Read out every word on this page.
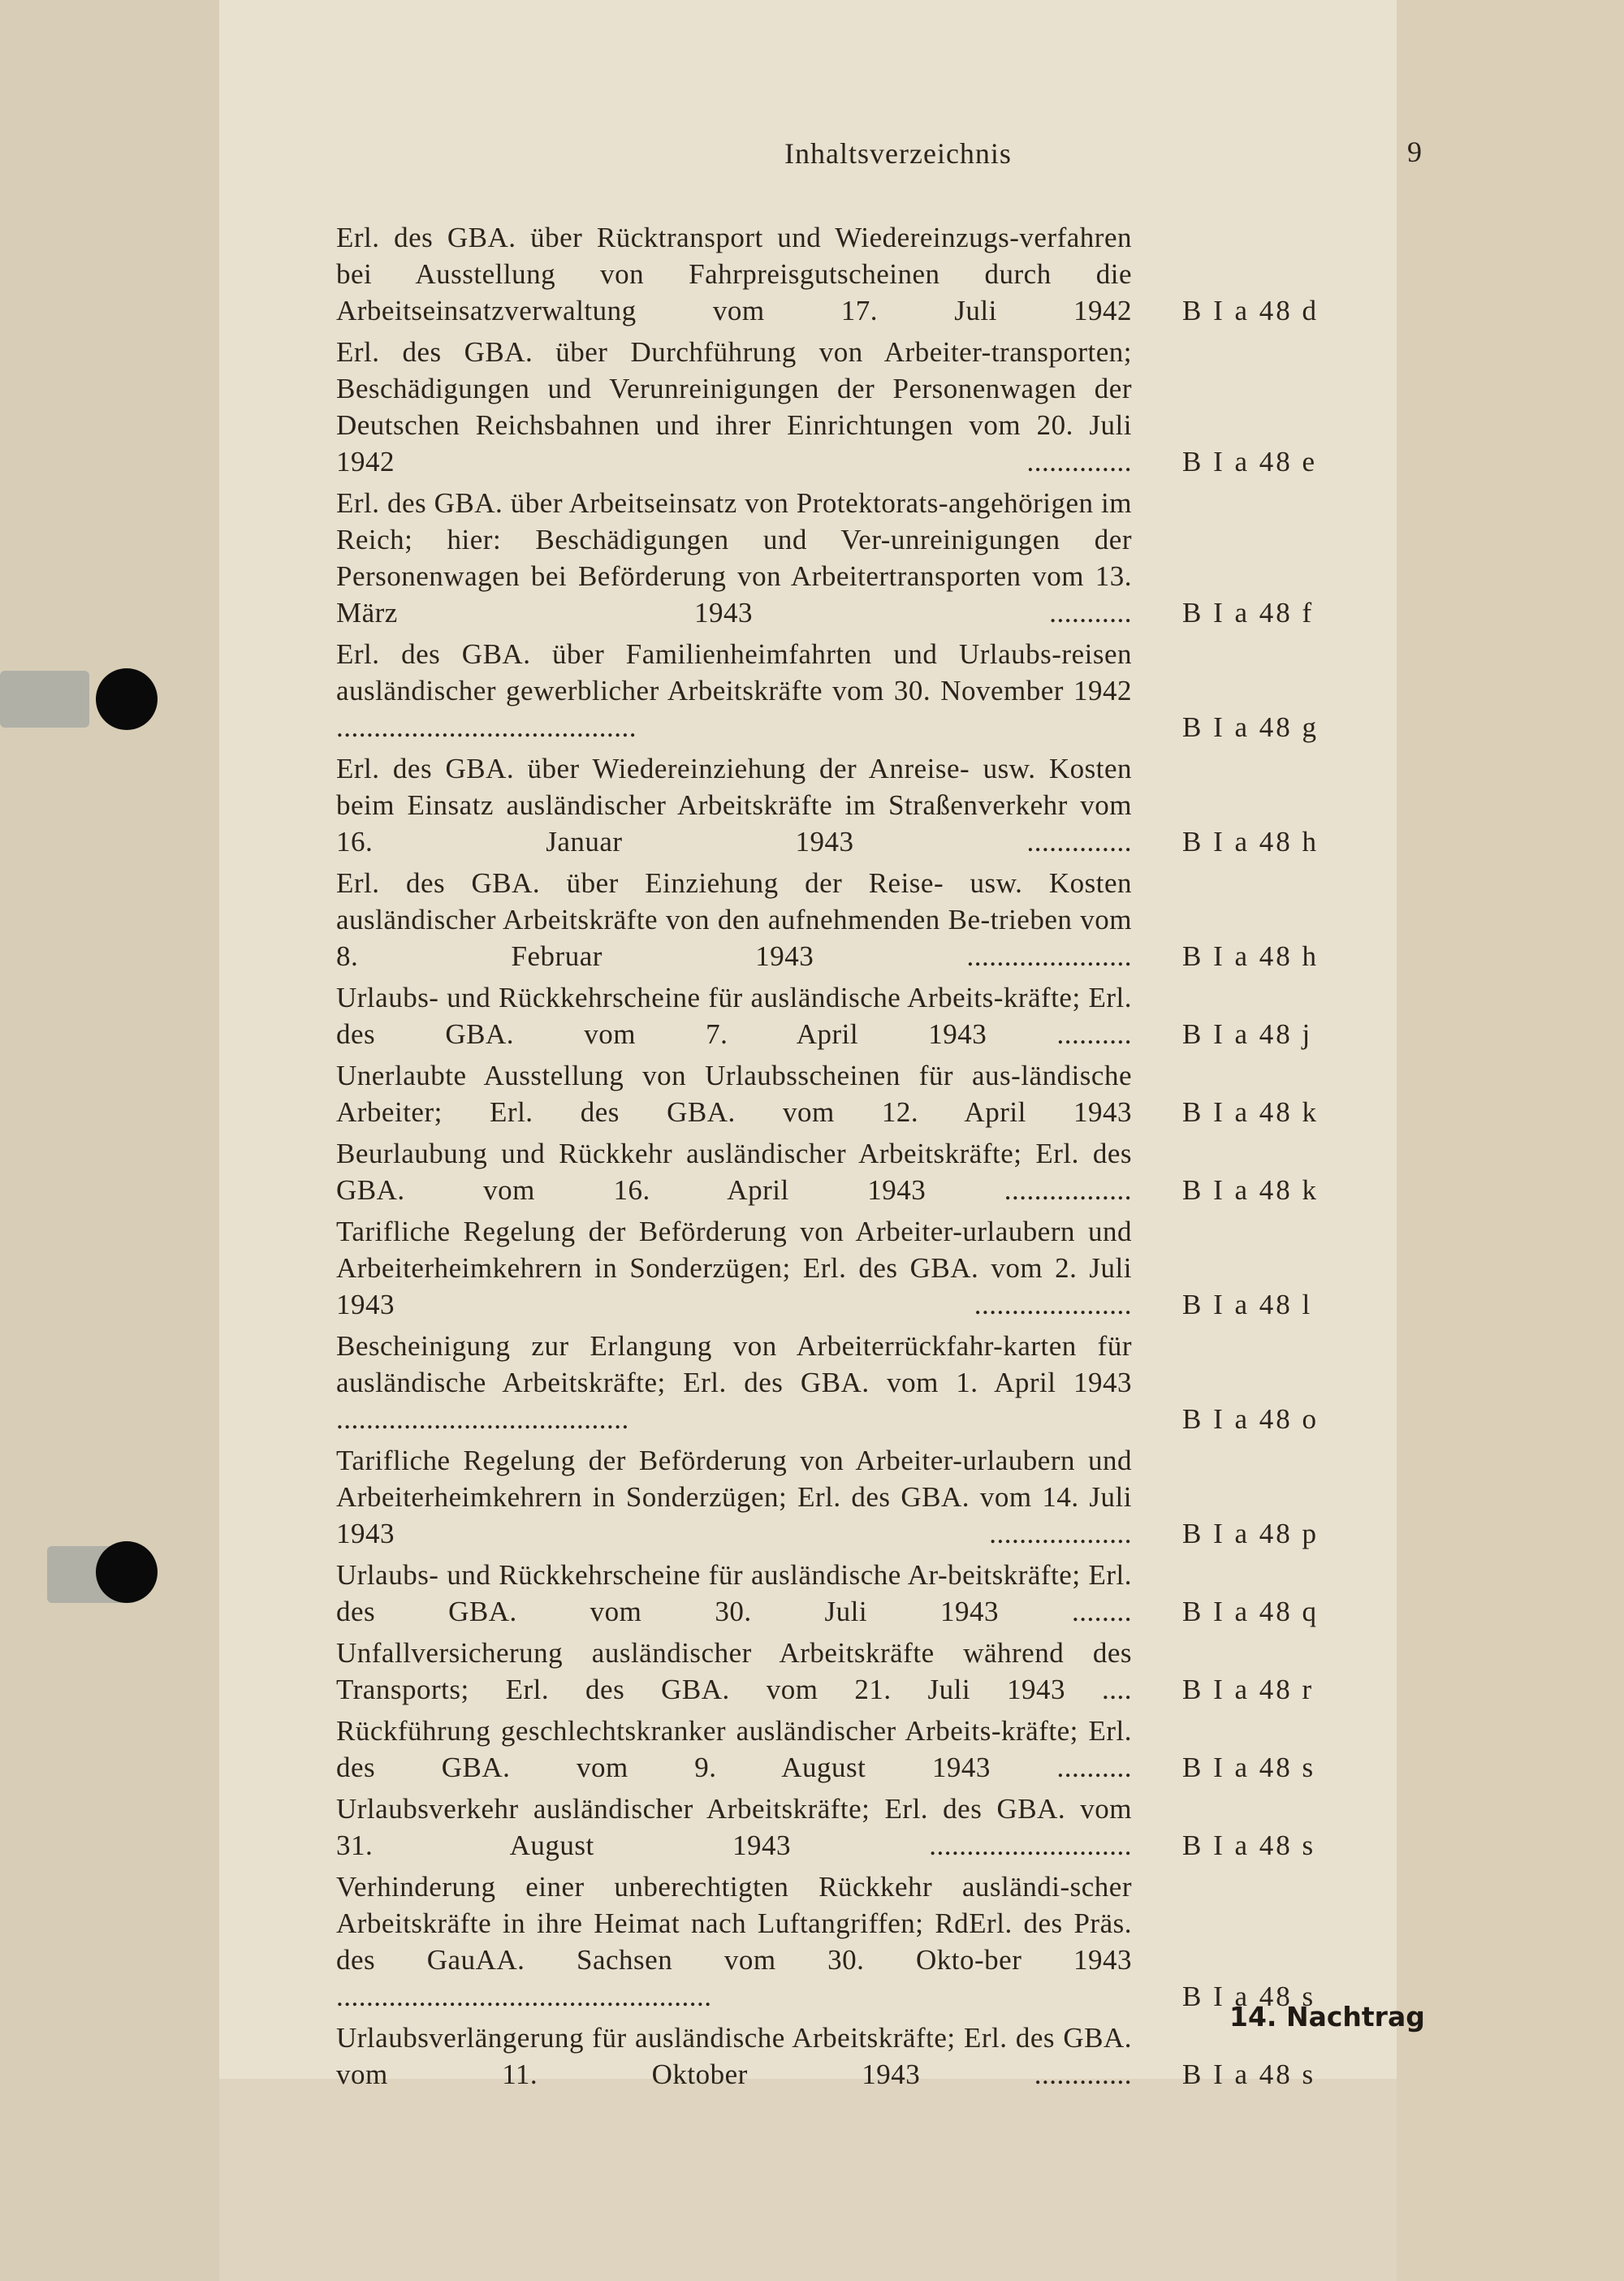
Inhaltsverzeichnis	9
Erl. des GBA. über Rücktransport und Wiedereinzugs-verfahren bei Ausstellung von Fahrpreisgutscheinen durch die Arbeitseinsatzverwaltung vom 17. Juli 1942 B I a 48 d
Erl. des GBA. über Durchführung von Arbeiter-transporten; Beschädigungen und Verunreinigungen der Personenwagen der Deutschen Reichsbahnen und ihrer Einrichtungen vom 20. Juli 1942 .............. B I a 48 e
Erl. des GBA. über Arbeitseinsatz von Protektorats-angehörigen im Reich; hier: Beschädigungen und Ver-unreinigungen der Personenwagen bei Beförderung von Arbeitertransporten vom 13. März 1943 ........... B I a 48 f
Erl. des GBA. über Familienheimfahrten und Urlaubs-reisen ausländischer gewerblicher Arbeitskräfte vom 30. November 1942 ........................................	B I a 48 g
Erl. des GBA. über Wiedereinziehung der Anreise- usw. Kosten beim Einsatz ausländischer Arbeitskräfte im Straßenverkehr vom 16. Januar 1943 .............. B I a 48 h
Erl. des GBA. über Einziehung der Reise- usw. Kosten ausländischer Arbeitskräfte von den aufnehmenden Be-trieben vom 8. Februar 1943 ...................... B I a 48 h
Urlaubs- und Rückkehrscheine für ausländische Arbeits-kräfte; Erl. des GBA. vom 7. April 1943 .......... B I a 48 j
Unerlaubte Ausstellung von Urlaubsscheinen für aus-ländische Arbeiter; Erl. des GBA. vom 12. April 1943 B I a 48 k
Beurlaubung und Rückkehr ausländischer Arbeitskräfte; Erl. des GBA. vom 16. April 1943 ................. B I a 48 k
Tarifliche Regelung der Beförderung von Arbeiter-urlaubern und Arbeiterheimkehrern in Sonderzügen; Erl. des GBA. vom 2. Juli 1943 ..................... B I a 48 l
Bescheinigung zur Erlangung von Arbeiterrückfahr-karten für ausländische Arbeitskräfte; Erl. des GBA. vom 1. April 1943 .......................................	B I a 48 o
Tarifliche Regelung der Beförderung von Arbeiter-urlaubern und Arbeiterheimkehrern in Sonderzügen; Erl. des GBA. vom 14. Juli 1943 ................... B I a 48 p
Urlaubs- und Rückkehrscheine für ausländische Ar-beitskräfte; Erl. des GBA. vom 30. Juli 1943 ........ B I a 48 q
Unfallversicherung ausländischer Arbeitskräfte während des Transports; Erl. des GBA. vom 21. Juli 1943 .... B I a 48 r
Rückführung geschlechtskranker ausländischer Arbeits-kräfte; Erl. des GBA. vom 9. August 1943 .......... B I a 48 s
Urlaubsverkehr ausländischer Arbeitskräfte; Erl. des GBA. vom 31. August 1943 ........................... B I a 48 s
Verhinderung einer unberechtigten Rückkehr ausländi-scher Arbeitskräfte in ihre Heimat nach Luftangriffen; RdErl. des Präs. des GauAA. Sachsen vom 30. Okto-ber 1943 ..................................................	B I a 48 s
Urlaubsverlängerung für ausländische Arbeitskräfte; Erl. des GBA. vom 11. Oktober 1943 ............. B I a 48 s
14. Nachtrag
